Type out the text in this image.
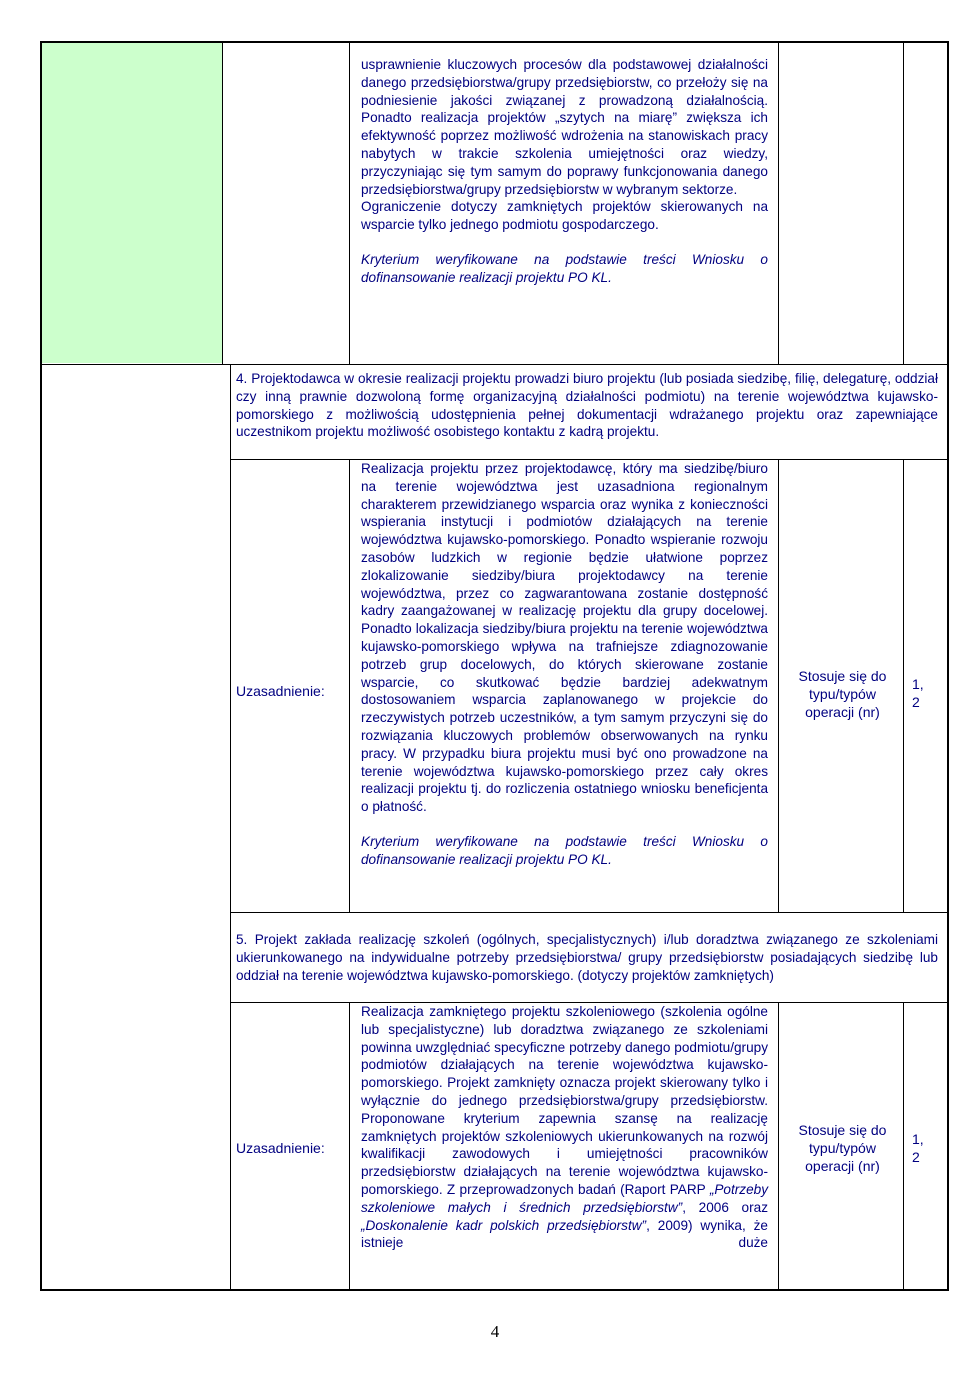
usprawnienie kluczowych procesów dla podstawowej działalności danego przedsiębiorstwa/grupy przedsiębiorstw, co przełoży się na podniesienie jakości związanej z prowadzoną działalnością. Ponadto realizacja projektów „szytych na miarę” zwiększa ich efektywność poprzez możliwość wdrożenia na stanowiskach pracy nabytych w trakcie szkolenia umiejętności oraz wiedzy, przyczyniając się tym samym do poprawy funkcjonowania danego przedsiębiorstwa/grupy przedsiębiorstw w wybranym sektorze.

Ograniczenie dotyczy zamkniętych projektów skierowanych na wsparcie tylko jednego podmiotu gospodarczego.

Kryterium weryfikowane na podstawie treści Wniosku o dofinansowanie realizacji projektu PO KL.

4. Projektodawca w okresie realizacji projektu prowadzi biuro projektu (lub posiada siedzibę, filię, delegaturę, oddział czy inną prawnie dozwoloną formę organizacyjną działalności podmiotu) na terenie województwa kujawsko-pomorskiego z możliwością udostępnienia pełnej dokumentacji wdrażanego projektu oraz zapewniające uczestnikom projektu możliwość osobistego kontaktu z kadrą projektu.

Uzasadnienie:

Realizacja projektu przez projektodawcę, który ma siedzibę/biuro na terenie województwa jest uzasadniona regionalnym charakterem przewidzianego wsparcia oraz wynika z konieczności wspierania instytucji i podmiotów działających na terenie województwa kujawsko-pomorskiego. Ponadto wspieranie rozwoju zasobów ludzkich w regionie będzie ułatwione poprzez zlokalizowanie siedziby/biura projektodawcy na terenie województwa, przez co zagwarantowana zostanie dostępność kadry zaangażowanej w realizację projektu dla grupy docelowej. Ponadto lokalizacja siedziby/biura projektu na terenie województwa kujawsko-pomorskiego wpływa na trafniejsze zdiagnozowanie potrzeb grup docelowych, do których skierowane zostanie wsparcie, co skutkować będzie bardziej adekwatnym dostosowaniem wsparcia zaplanowanego w projekcie do rzeczywistych potrzeb uczestników, a tym samym przyczyni się do rozwiązania kluczowych problemów obserwowanych na rynku pracy. W przypadku biura projektu musi być ono prowadzone na terenie województwa kujawsko-pomorskiego przez cały okres realizacji projektu tj. do rozliczenia ostatniego wniosku beneficjenta o płatność.

Kryterium weryfikowane na podstawie treści Wniosku o dofinansowanie realizacji projektu PO KL.

Stosuje się do typu/typów operacji (nr)
1, 2

5. Projekt zakłada realizację szkoleń (ogólnych, specjalistycznych) i/lub doradztwa związanego ze szkoleniami ukierunkowanego na indywidualne potrzeby przedsiębiorstwa/ grupy przedsiębiorstw posiadających siedzibę lub oddział na terenie województwa kujawsko-pomorskiego. (dotyczy projektów zamkniętych)

Uzasadnienie:

Realizacja zamkniętego projektu szkoleniowego (szkolenia ogólne lub specjalistyczne) lub doradztwa związanego ze szkoleniami powinna uwzględniać specyficzne potrzeby danego podmiotu/grupy podmiotów działających na terenie województwa kujawsko-pomorskiego. Projekt zamknięty oznacza projekt skierowany tylko i wyłącznie do jednego przedsiębiorstwa/grupy przedsiębiorstw. Proponowane kryterium zapewnia szansę na realizację zamkniętych projektów szkoleniowych ukierunkowanych na rozwój kwalifikacji zawodowych i umiejętności pracowników przedsiębiorstw działających na terenie województwa kujawsko-pomorskiego. Z przeprowadzonych badań (Raport PARP „Potrzeby szkoleniowe małych i średnich przedsiębiorstw”, 2006 oraz „Doskonalenie kadr polskich przedsiębiorstw”, 2009) wynika, że istnieje duże

Stosuje się do typu/typów operacji (nr)
1, 2
4
